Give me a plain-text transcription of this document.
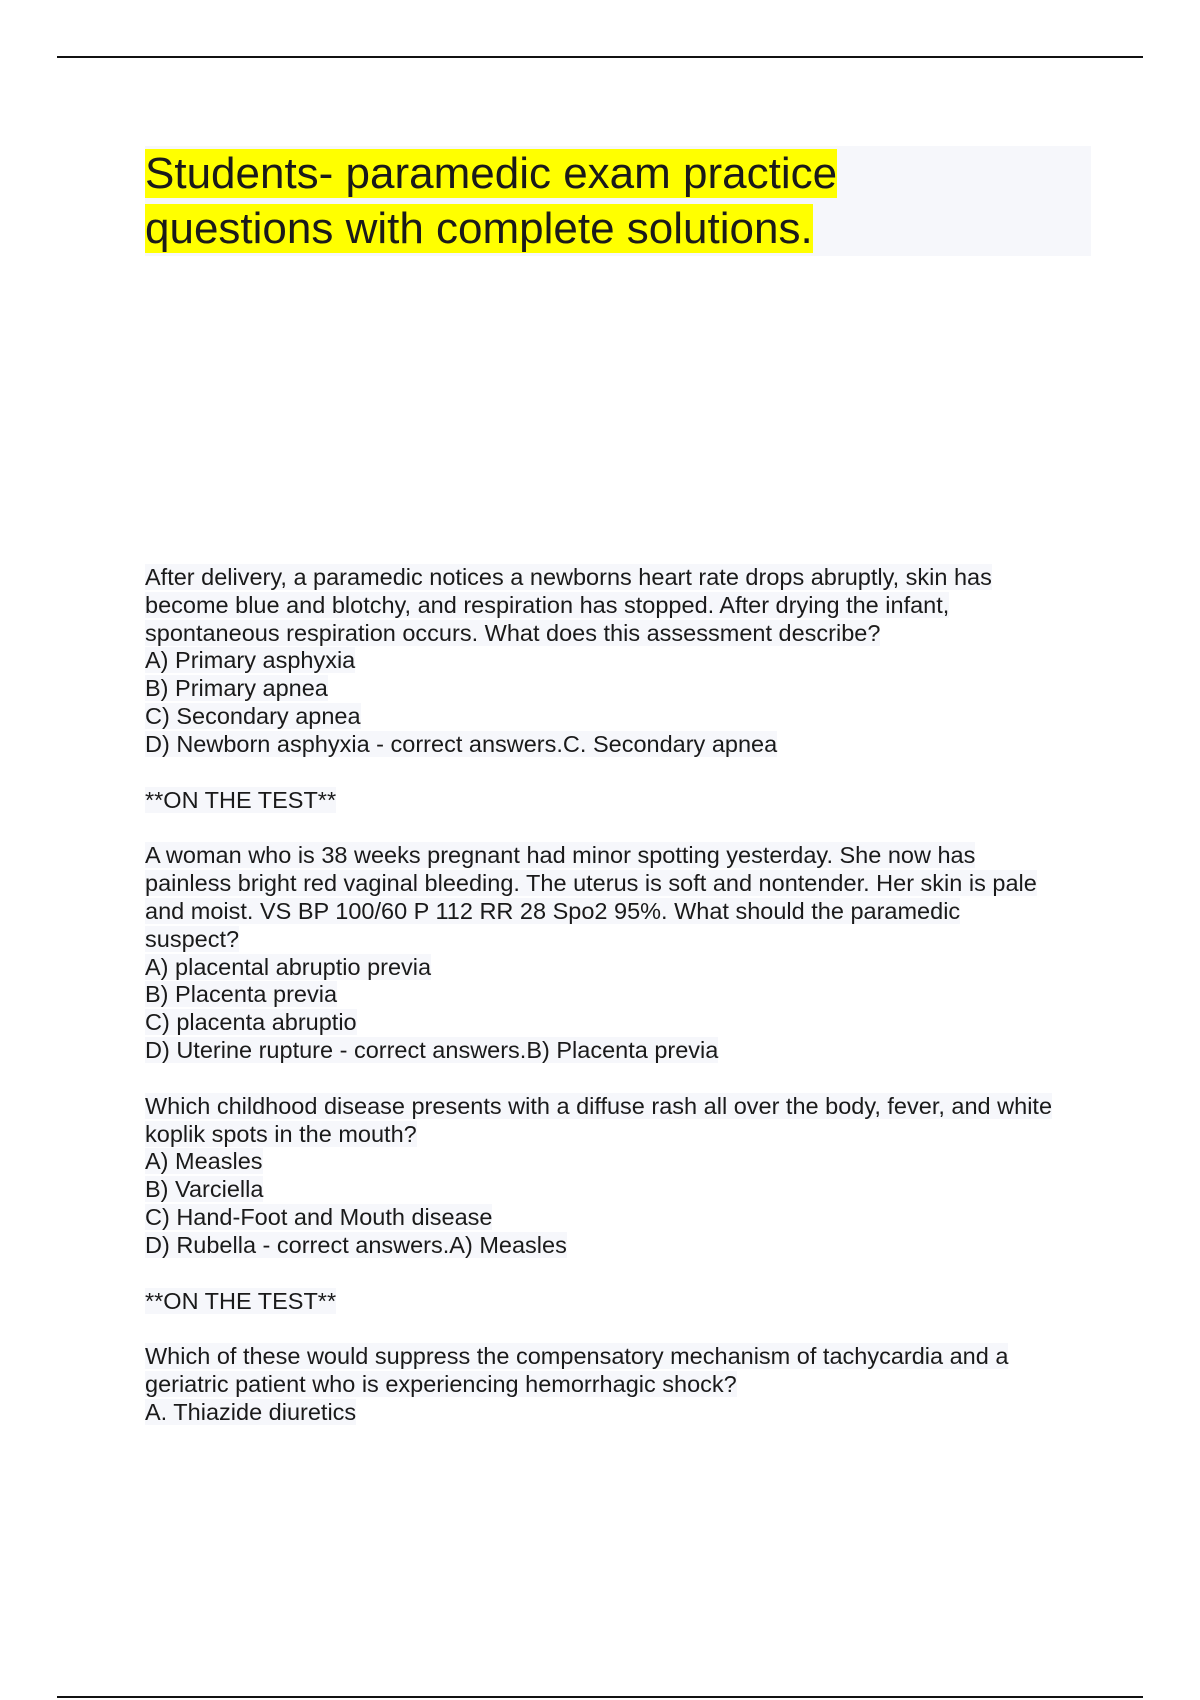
Students- paramedic exam practice
questions with complete solutions.
After delivery, a paramedic notices a newborns heart rate drops abruptly, skin has
become blue and blotchy, and respiration has stopped. After drying the infant,
spontaneous respiration occurs. What does this assessment describe?
A) Primary asphyxia
B) Primary apnea
C) Secondary apnea
D) Newborn asphyxia - correct answers.C. Secondary apnea
**ON THE TEST**
A woman who is 38 weeks pregnant had minor spotting yesterday. She now has
painless bright red vaginal bleeding. The uterus is soft and nontender. Her skin is pale
and moist. VS BP 100/60 P 112 RR 28 Spo2 95%. What should the paramedic
suspect?
A) placental abruptio previa
B) Placenta previa
C) placenta abruptio
D) Uterine rupture - correct answers.B) Placenta previa
Which childhood disease presents with a diffuse rash all over the body, fever, and white
koplik spots in the mouth?
A) Measles
B) Varciella
C) Hand-Foot and Mouth disease
D) Rubella - correct answers.A) Measles
**ON THE TEST**
Which of these would suppress the compensatory mechanism of tachycardia and a
geriatric patient who is experiencing hemorrhagic shock?
A. Thiazide diuretics
